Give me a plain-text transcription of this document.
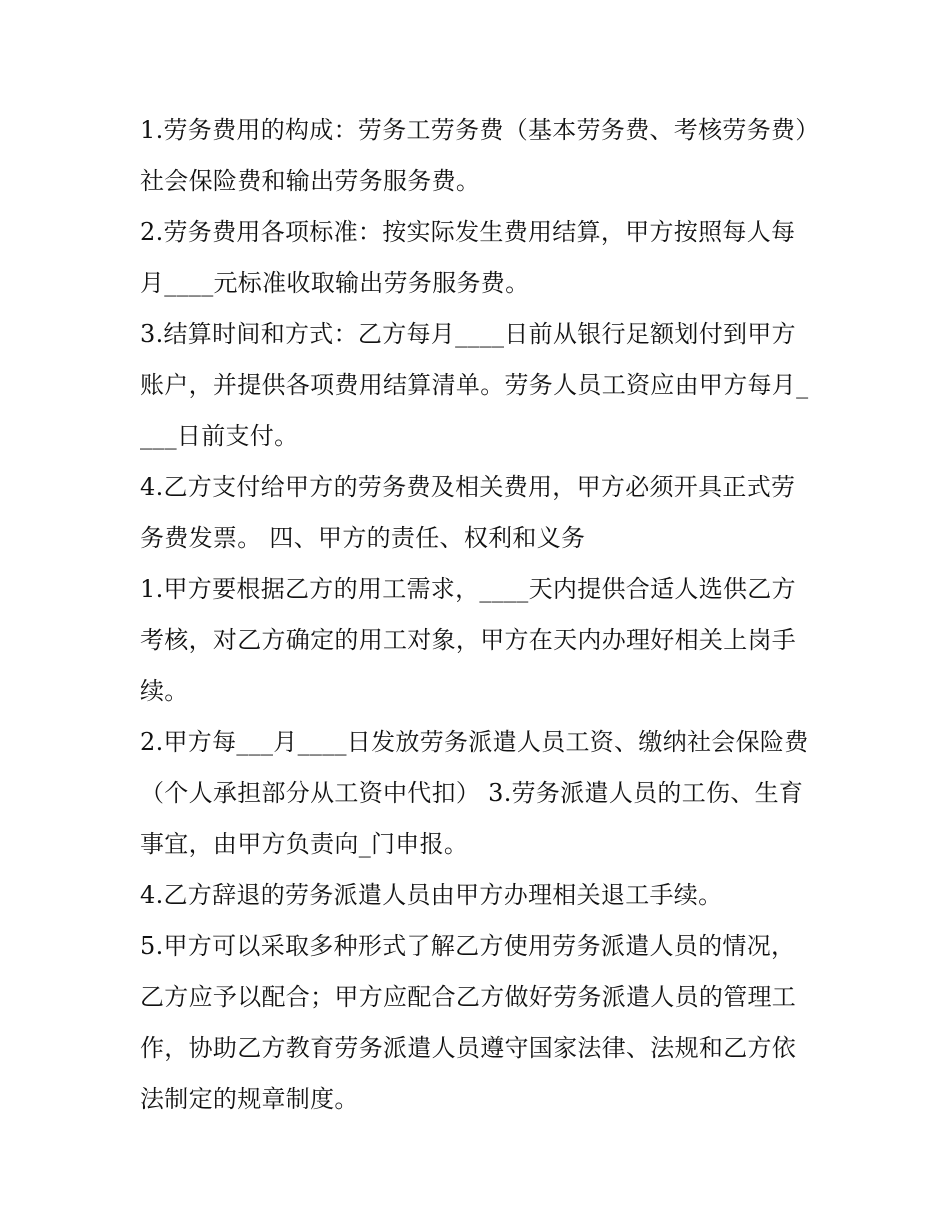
1.劳务费用的构成：劳务工劳务费（基本劳务费、考核劳务费）社会保险费和输出劳务服务费。

2.劳务费用各项标准：按实际发生费用结算，甲方按照每人每月____元标准收取输出劳务服务费。

3.结算时间和方式：乙方每月____日前从银行足额划付到甲方账户，并提供各项费用结算清单。劳务人员工资应由甲方每月____日前支付。

4.乙方支付给甲方的劳务费及相关费用，甲方必须开具正式劳务费发票。 四、甲方的责任、权利和义务

1.甲方要根据乙方的用工需求，____天内提供合适人选供乙方考核，对乙方确定的用工对象，甲方在天内办理好相关上岗手续。

2.甲方每___月____日发放劳务派遣人员工资、缴纳社会保险费（个人承担部分从工资中代扣） 3.劳务派遣人员的工伤、生育事宜，由甲方负责向_门申报。

4.乙方辞退的劳务派遣人员由甲方办理相关退工手续。

5.甲方可以采取多种形式了解乙方使用劳务派遣人员的情况，乙方应予以配合；甲方应配合乙方做好劳务派遣人员的管理工作，协助乙方教育劳务派遣人员遵守国家法律、法规和乙方依法制定的规章制度。
